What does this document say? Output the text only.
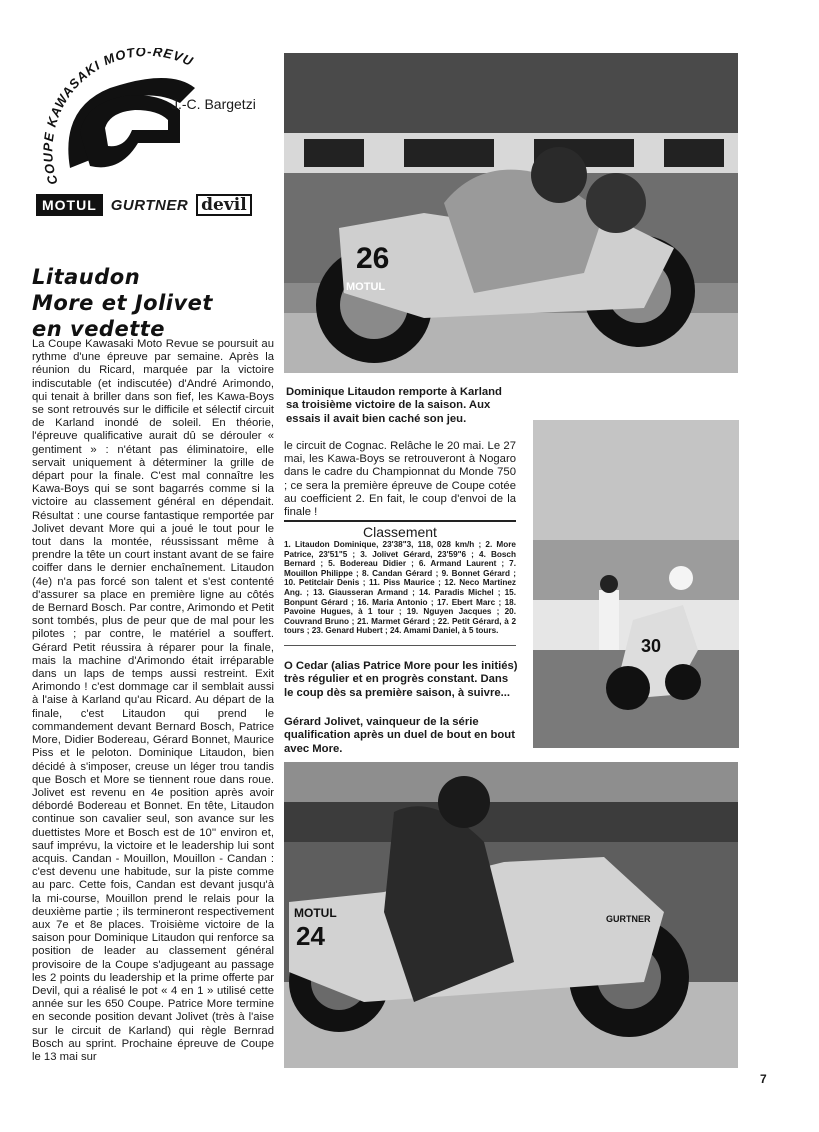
COUPE KAWASAKI MOTO-REVU
J.-C. Bargetzi
MOTUL GURTNER devil
Litaudon
More et Jolivet
en vedette

La Coupe Kawasaki Moto Revue se poursuit au rythme d'une épreuve par semaine. Après la réunion du Ricard, marquée par la victoire indiscutable (et indiscutée) d'André Arimondo, qui tenait à briller dans son fief, les Kawa-Boys se sont retrouvés sur le difficile et sélectif circuit de Karland inondé de soleil. En théorie, l'épreuve qualificative aurait dû se dérouler « gentiment » : n'étant pas éliminatoire, elle servait uniquement à déterminer la grille de départ pour la finale. C'est mal connaître les Kawa-Boys qui se sont bagarrés comme si la victoire au classement général en dépendait. Résultat : une course fantastique remportée par Jolivet devant More qui a joué le tout pour le tout dans la montée, réussissant même à prendre la tête un court instant avant de se faire coiffer dans le dernier enchaînement. Litaudon (4e) n'a pas forcé son talent et s'est contenté d'assurer sa place en première ligne au côtés de Bernard Bosch. Par contre, Arimondo et Petit sont tombés, plus de peur que de mal pour les pilotes ; par contre, le matériel a souffert. Gérard Petit réussira à réparer pour la finale, mais la machine d'Arimondo était irréparable dans un laps de temps aussi restreint. Exit Arimondo ! c'est dommage car il semblait aussi à l'aise à Karland qu'au Ricard. Au départ de la finale, c'est Litaudon qui prend le commandement devant Bernard Bosch, Patrice More, Didier Bodereau, Gérard Bonnet, Maurice Piss et le peloton. Dominique Litaudon, bien décidé à s'imposer, creuse un léger trou tandis que Bosch et More se tiennent roue dans roue. Jolivet est revenu en 4e position après avoir débordé Bodereau et Bonnet. En tête, Litaudon continue son cavalier seul, son avance sur les duettistes More et Bosch est de 10'' environ et, sauf imprévu, la victoire et le leadership lui sont acquis. Candan - Mouillon, Mouillon - Candan : c'est devenu une habitude, sur la piste comme au parc. Cette fois, Candan est devant jusqu'à la mi-course, Mouillon prend le relais pour la deuxième partie ; ils termineront respectivement aux 7e et 8e places. Troisième victoire de la saison pour Dominique Litaudon qui renforce sa position de leader au classement général provisoire de la Coupe s'adjugeant au passage les 2 points du leadership et la prime offerte par Devil, qui a réalisé le pot « 4 en 1 » utilisé cette année sur les 650 Coupe. Patrice More termine en seconde position devant Jolivet (très à l'aise sur le circuit de Karland) qui règle Bernrad Bosch au sprint. Prochaine épreuve de Coupe le 13 mai sur

26
MOTUL
Dominique Litaudon remporte à Karland sa troisième victoire de la saison. Aux essais il avait bien caché son jeu.

le circuit de Cognac. Relâche le 20 mai. Le 27 mai, les Kawa-Boys se retrouveront à Nogaro dans le cadre du Championnat du Monde 750 ; ce sera la première épreuve de Coupe cotée au coefficient 2. En fait, le coup d'envoi de la finale !

Classement
1. Litaudon Dominique, 23'38"3, 118, 028 km/h ; 2. More Patrice, 23'51"5 ; 3. Jolivet Gérard, 23'59"6 ; 4. Bosch Bernard ; 5. Bodereau Didier ; 6. Armand Laurent ; 7. Mouillon Philippe ; 8. Candan Gérard ; 9. Bonnet Gérard ; 10. Petitclair Denis ; 11. Piss Maurice ; 12. Neco Martinez Ang. ; 13. Giausseran Armand ; 14. Paradis Michel ; 15. Bonpunt Gérard ; 16. Maria Antonio ; 17. Ebert Marc ; 18. Pavoine Hugues, à 1 tour ; 19. Nguyen Jacques ; 20. Couvrand Bruno ; 21. Marmet Gérard ; 22. Petit Gérard, à 2 tours ; 23. Genard Hubert ; 24. Amami Daniel, à 5 tours.
O Cedar (alias Patrice More pour les initiés) très régulier et en progrès constant. Dans le coup dès sa première saison, à suivre...
Gérard Jolivet, vainqueur de la série qualification après un duel de bout en bout avec More.
30
MOTUL
24
GURTNER
7
